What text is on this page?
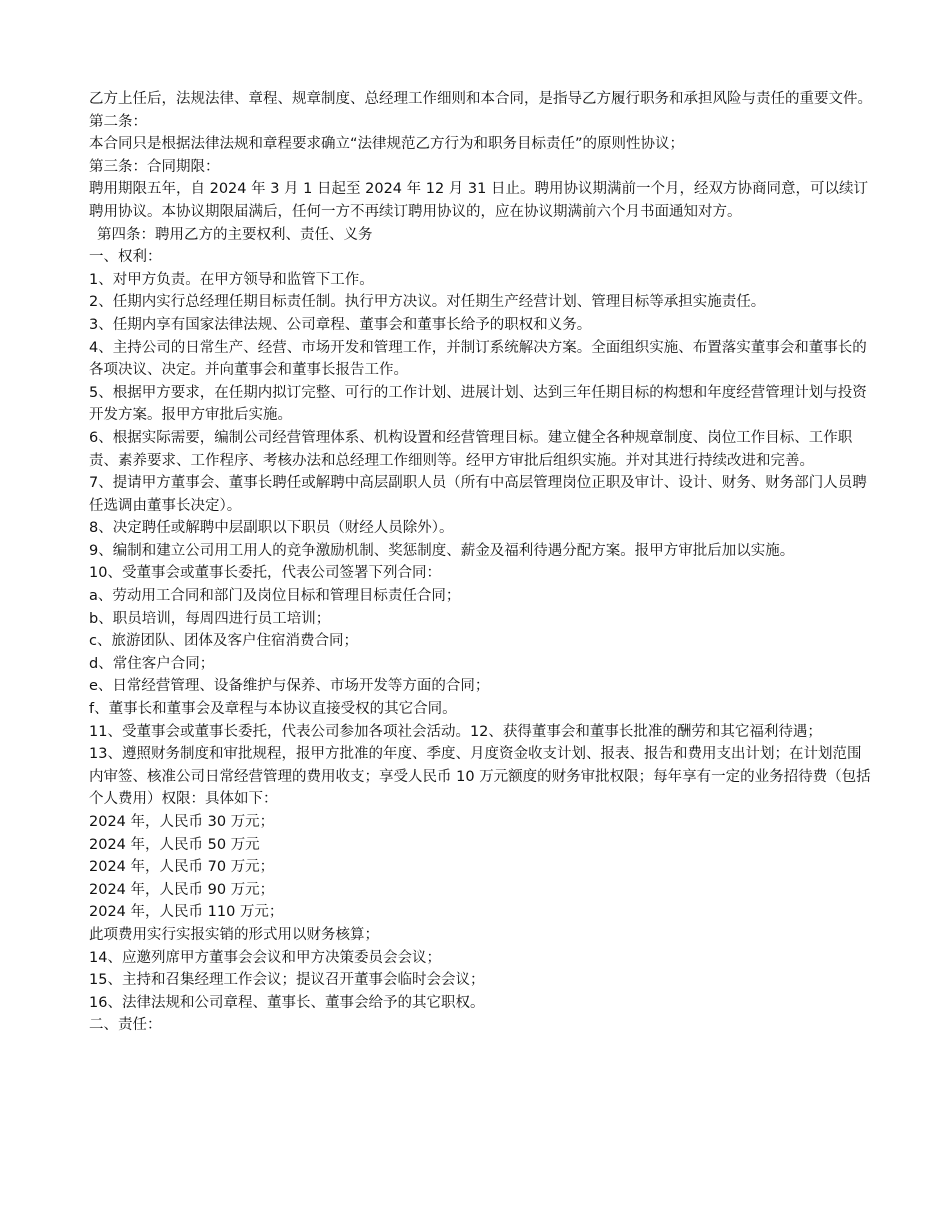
乙方上任后，法规法律、章程、规章制度、总经理工作细则和本合同，是指导乙方履行职务和承担风险与责任的重要文件。

第二条：

本合同只是根据法律法规和章程要求确立“法律规范乙方行为和职务目标责任”的原则性协议；

第三条：合同期限：

聘用期限五年，自 2024 年 3 月 1 日起至 2024 年 12 月 31 日止。聘用协议期满前一个月，经双方协商同意，可以续订聘用协议。本协议期限届满后，任何一方不再续订聘用协议的，应在协议期满前六个月书面通知对方。

第四条：聘用乙方的主要权利、责任、义务

一、权利：

1、对甲方负责。在甲方领导和监管下工作。

2、任期内实行总经理任期目标责任制。执行甲方决议。对任期生产经营计划、管理目标等承担实施责任。

3、任期内享有国家法律法规、公司章程、董事会和董事长给予的职权和义务。

4、主持公司的日常生产、经营、市场开发和管理工作，并制订系统解决方案。全面组织实施、布置落实董事会和董事长的各项决议、决定。并向董事会和董事长报告工作。

5、根据甲方要求，在任期内拟订完整、可行的工作计划、进展计划、达到三年任期目标的构想和年度经营管理计划与投资开发方案。报甲方审批后实施。

6、根据实际需要，编制公司经营管理体系、机构设置和经营管理目标。建立健全各种规章制度、岗位工作目标、工作职责、素养要求、工作程序、考核办法和总经理工作细则等。经甲方审批后组织实施。并对其进行持续改进和完善。

7、提请甲方董事会、董事长聘任或解聘中高层副职人员（所有中高层管理岗位正职及审计、设计、财务、财务部门人员聘任选调由董事长决定）。

8、决定聘任或解聘中层副职以下职员（财经人员除外）。

9、编制和建立公司用工用人的竞争激励机制、奖惩制度、薪金及福利待遇分配方案。报甲方审批后加以实施。

10、受董事会或董事长委托，代表公司签署下列合同：

a、劳动用工合同和部门及岗位目标和管理目标责任合同；

b、职员培训，每周四进行员工培训；

c、旅游团队、团体及客户住宿消费合同；

d、常住客户合同；

e、日常经营管理、设备维护与保养、市场开发等方面的合同；

f、董事长和董事会及章程与本协议直接受权的其它合同。

11、受董事会或董事长委托，代表公司参加各项社会活动。12、获得董事会和董事长批准的酬劳和其它福利待遇；

13、遵照财务制度和审批规程，报甲方批准的年度、季度、月度资金收支计划、报表、报告和费用支出计划；在计划范围内审签、核准公司日常经营管理的费用收支；享受人民币 10 万元额度的财务审批权限；每年享有一定的业务招待费（包括个人费用）权限：具体如下：

2024 年，人民币 30 万元；

2024 年，人民币 50 万元

2024 年，人民币 70 万元；

2024 年，人民币 90 万元；

2024 年，人民币 110 万元；

此项费用实行实报实销的形式用以财务核算；

14、应邀列席甲方董事会会议和甲方决策委员会会议；

15、主持和召集经理工作会议；提议召开董事会临时会会议；

16、法律法规和公司章程、董事长、董事会给予的其它职权。

二、责任：
